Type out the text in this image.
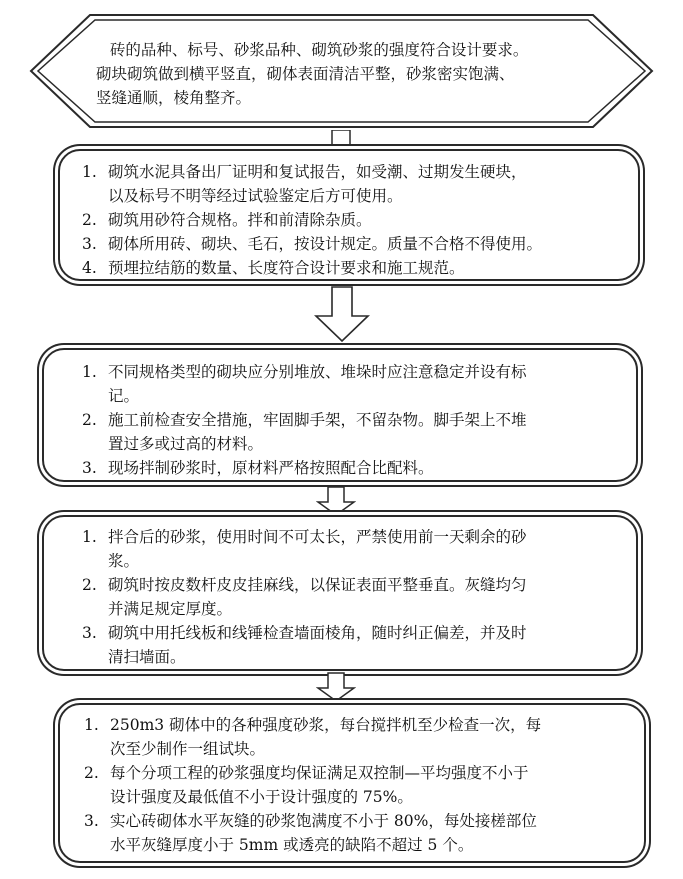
砖的品种、标号、砂浆品种、砌筑砂浆的强度符合设计要求。
砌块砌筑做到横平竖直，砌体表面清洁平整，砂浆密实饱满、
竖缝通顺，棱角整齐。
1. 砌筑水泥具备出厂证明和复试报告，如受潮、过期发生硬块，
以及标号不明等经过试验鉴定后方可使用。
2. 砌筑用砂符合规格。拌和前清除杂质。
3. 砌体所用砖、砌块、毛石，按设计规定。质量不合格不得使用。
4. 预埋拉结筋的数量、长度符合设计要求和施工规范。
1. 不同规格类型的砌块应分别堆放、堆垛时应注意稳定并设有标
记。
2. 施工前检查安全措施，牢固脚手架，不留杂物。脚手架上不堆
置过多或过高的材料。
3. 现场拌制砂浆时，原材料严格按照配合比配料。
1. 拌合后的砂浆，使用时间不可太长，严禁使用前一天剩余的砂
浆。
2. 砌筑时按皮数杆皮皮挂麻线，以保证表面平整垂直。灰缝均匀
并满足规定厚度。
3. 砌筑中用托线板和线锤检查墙面棱角，随时纠正偏差，并及时
清扫墙面。
1. 250m3 砌体中的各种强度砂浆，每台搅拌机至少检查一次，每
次至少制作一组试块。
2. 每个分项工程的砂浆强度均保证满足双控制—平均强度不小于
设计强度及最低值不小于设计强度的 75%。
3. 实心砖砌体水平灰缝的砂浆饱满度不小于 80%，每处接槎部位
水平灰缝厚度小于 5mm 或透亮的缺陷不超过 5 个。
